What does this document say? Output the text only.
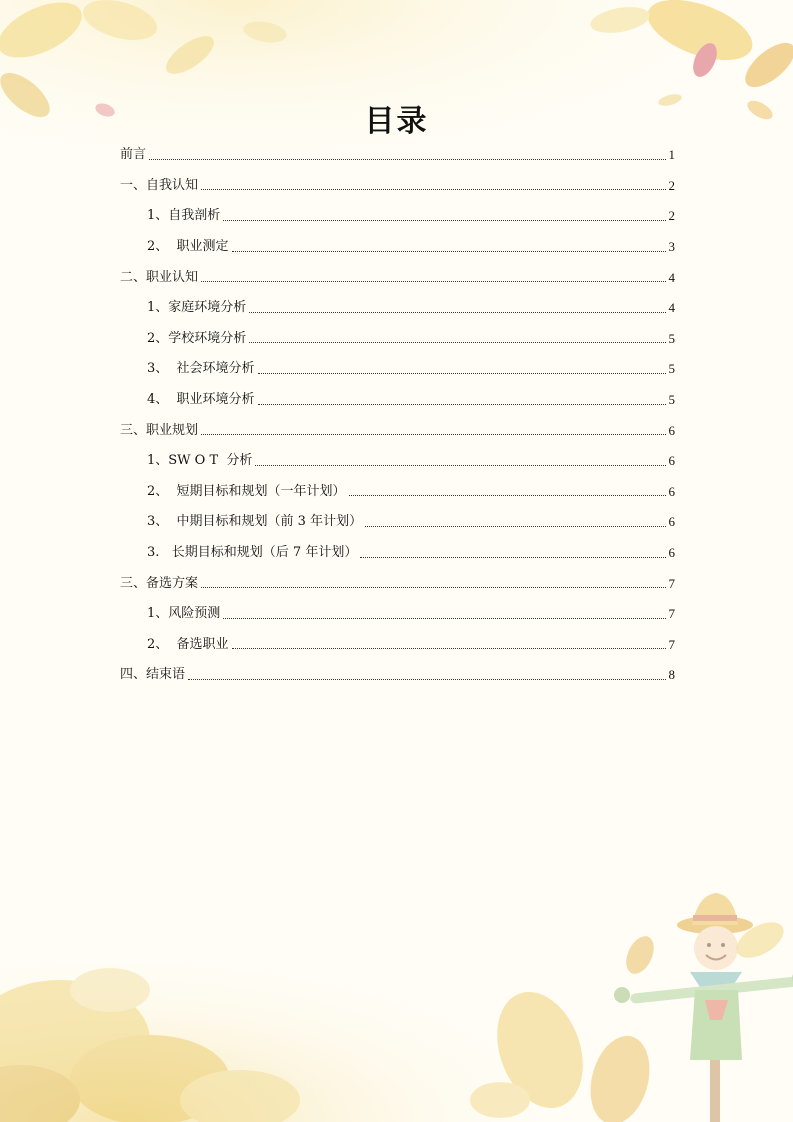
目录
前言	1
一、自我认知	2
1、自我剖析	2
2、  职业测定	3
二、职业认知	4
1、家庭环境分析	4
2、学校环境分析	5
3、  社会环境分析	5
4、  职业环境分析	5
三、职业规划	6
1、SW O T  分析	6
2、  短期目标和规划（一年计划）	6
3、  中期目标和规划（前 3 年计划）	6
3.   长期目标和规划（后 7 年计划）	6
三、备选方案	7
1、风险预测	7
2、  备选职业	7
四、结束语	8
